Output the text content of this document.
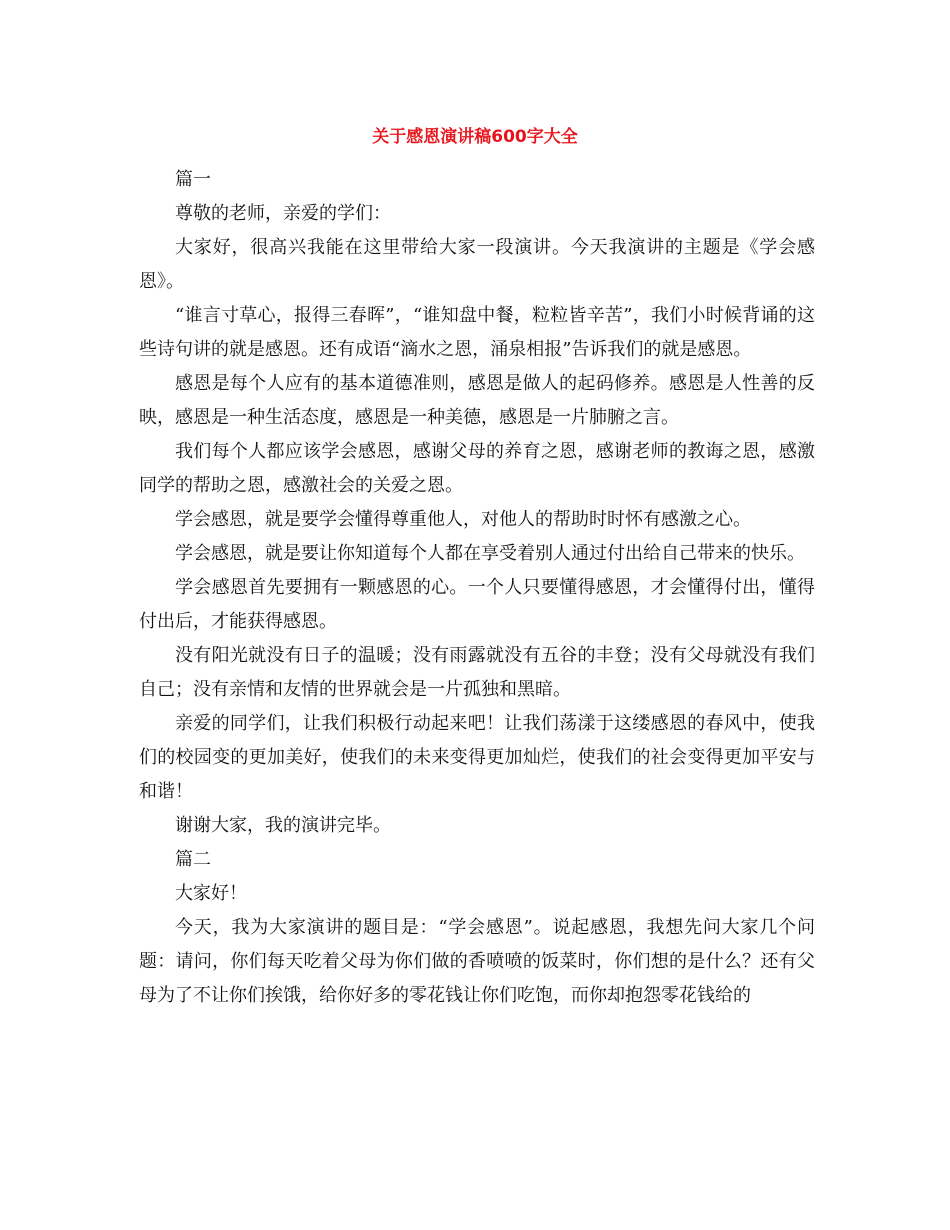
关于感恩演讲稿600字大全

篇一

尊敬的老师，亲爱的学们：

大家好，很高兴我能在这里带给大家一段演讲。今天我演讲的主题是《学会感恩》。

“谁言寸草心，报得三春晖”，“谁知盘中餐，粒粒皆辛苦”，我们小时候背诵的这些诗句讲的就是感恩。还有成语“滴水之恩，涌泉相报”告诉我们的就是感恩。

感恩是每个人应有的基本道德准则，感恩是做人的起码修养。感恩是人性善的反映，感恩是一种生活态度，感恩是一种美德，感恩是一片肺腑之言。

我们每个人都应该学会感恩，感谢父母的养育之恩，感谢老师的教诲之恩，感激同学的帮助之恩，感激社会的关爱之恩。

学会感恩，就是要学会懂得尊重他人，对他人的帮助时时怀有感激之心。

学会感恩，就是要让你知道每个人都在享受着别人通过付出给自己带来的快乐。

学会感恩首先要拥有一颗感恩的心。一个人只要懂得感恩，才会懂得付出，懂得付出后，才能获得感恩。

没有阳光就没有日子的温暖；没有雨露就没有五谷的丰登；没有父母就没有我们自己；没有亲情和友情的世界就会是一片孤独和黑暗。

亲爱的同学们，让我们积极行动起来吧！让我们荡漾于这缕感恩的春风中，使我们的校园变的更加美好，使我们的未来变得更加灿烂，使我们的社会变得更加平安与和谐！

谢谢大家，我的演讲完毕。

篇二

大家好！

今天，我为大家演讲的题目是：“学会感恩”。说起感恩，我想先问大家几个问题：请问，你们每天吃着父母为你们做的香喷喷的饭菜时，你们想的是什么？还有父母为了不让你们挨饿，给你好多的零花钱让你们吃饱，而你却抱怨零花钱给的
